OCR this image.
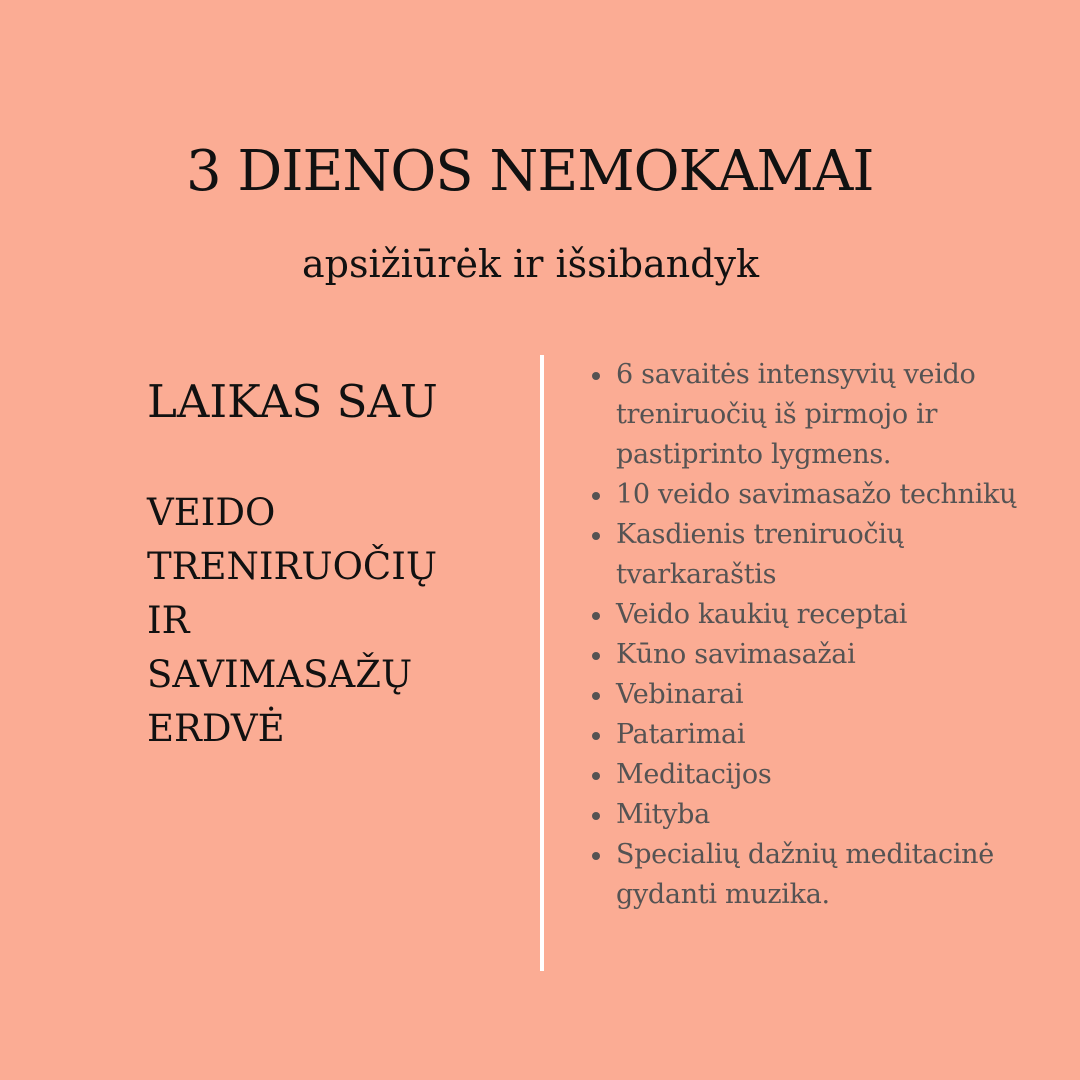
3 DIENOS NEMOKAMAI
apsižiūrėk ir išsibandyk
LAIKAS SAU
VEIDO
TRENIRUOČIŲ
IR
SAVIMASAŽŲ
ERDVĖ
6 savaitės intensyvių veido treniruočių iš pirmojo ir pastiprinto lygmens.
10 veido savimasažo technikų
Kasdienis treniruočių tvarkaraštis
Veido kaukių receptai
Kūno savimasažai
Vebinarai
Patarimai
Meditacijos
Mityba
Specialių dažnių meditacinė gydanti muzika.
